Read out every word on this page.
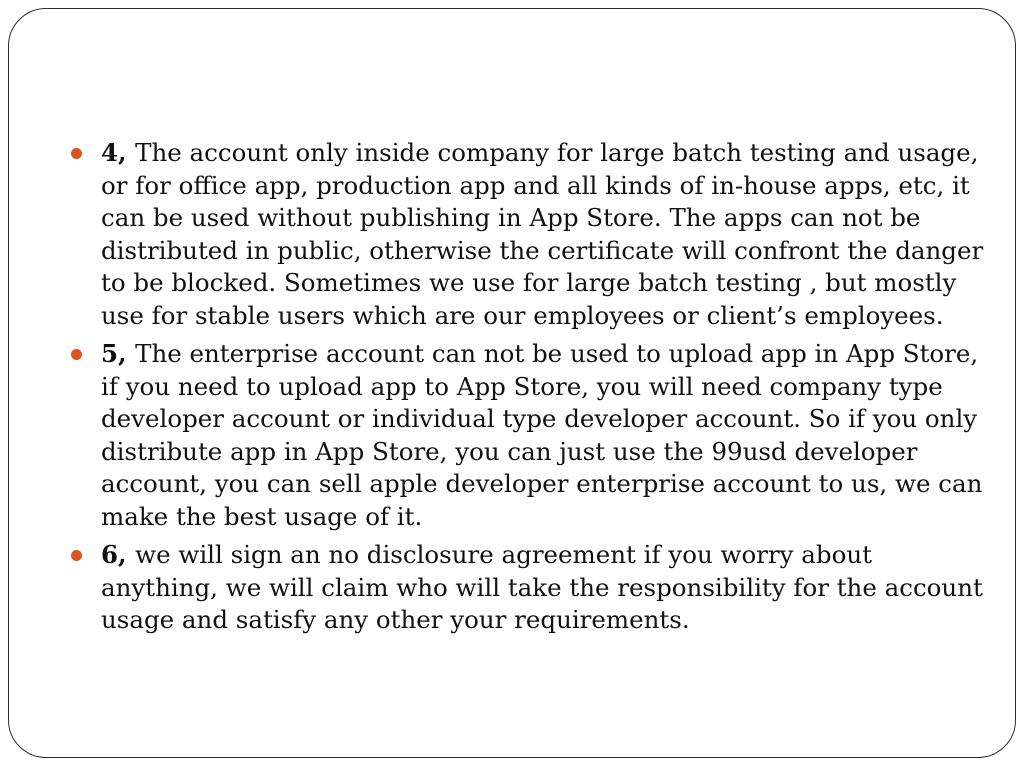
4, The account only inside company for large batch testing and usage, or for office app, production app and all kinds of in-house apps, etc, it can be used without publishing in App Store. The apps can not be distributed in public, otherwise the certificate will confront the danger to be blocked. Sometimes we use for large batch testing , but mostly use for stable users which are our employees or client’s employees.
5, The enterprise account can not be used to upload app in App Store, if you need to upload app to App Store, you will need company type developer account or individual type developer account. So if you only distribute app in App Store, you can just use the 99usd developer account, you can sell apple developer enterprise account to us, we can make the best usage of it.
6, we will sign an no disclosure agreement if you worry about anything, we will claim who will take the responsibility for the account usage and satisfy any other your requirements.
